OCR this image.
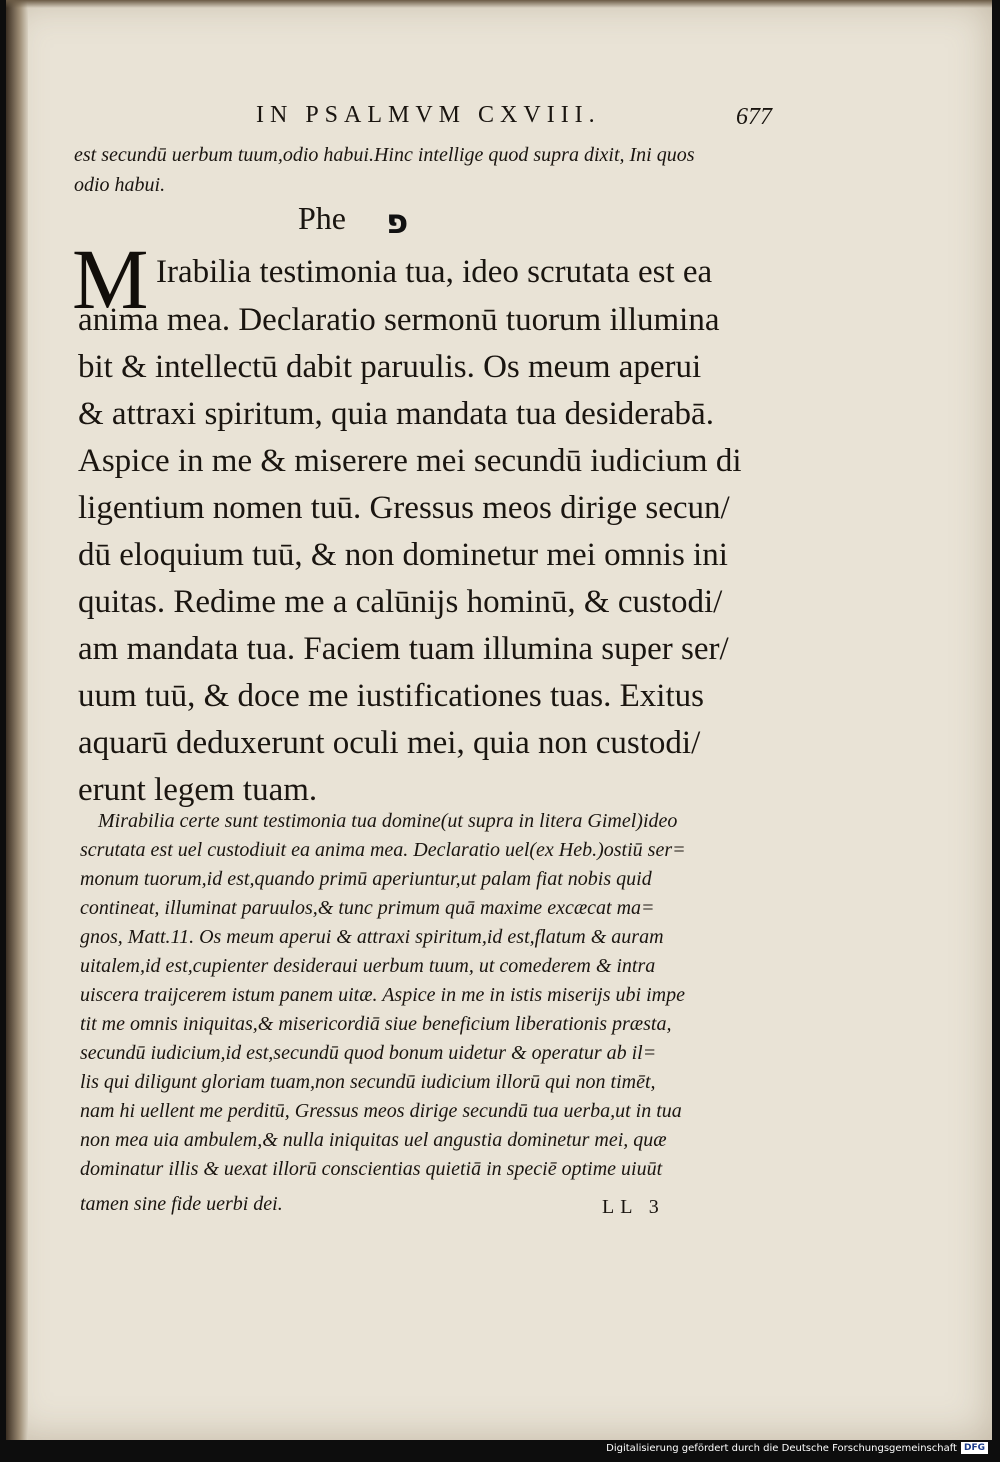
IN PSALMVM CXVIII.	677
est secundū uerbum tuum,odio habui.Hinc intellige quod supra dixit, Ini quos odio habui.
Phe פ
M Irabilia testimonia tua, ideo scrutata est ea
anima mea. Declaratio sermonū tuorum illumina
bit & intellectū dabit paruulis. Os meum aperui
& attraxi spiritum, quia mandata tua desiderabā.
Aspice in me & miserere mei secundū iudicium di
ligentium nomen tuū. Gressus meos dirige secun/
dū eloquium tuū, & non dominetur mei omnis ini
quitas. Redime me a calūnijs hominū, & custodi/
am mandata tua. Faciem tuam illumina super ser/
uum tuū, & doce me iustificationes tuas. Exitus
aquarū deduxerunt oculi mei, quia non custodi/
erunt legem tuam.
Mirabilia certe sunt testimonia tua domine(ut supra in litera Gimel)ideo
scrutata est uel custodiuit ea anima mea. Declaratio uel(ex Heb.)ostiū ser=
monum tuorum,id est,quando primū aperiuntur,ut palam fiat nobis quid
contineat, illuminat paruulos,& tunc primum quā maxime excæcat ma=
gnos, Matt.11. Os meum aperui & attraxi spiritum,id est,flatum & auram
uitalem,id est,cupienter desideraui uerbum tuum, ut comederem & intra
uiscera traijcerem istum panem uitæ. Aspice in me in istis miserijs ubi impe
tit me omnis iniquitas,& misericordiā siue beneficium liberationis præsta,
secundū iudicium,id est,secundū quod bonum uidetur & operatur ab il=
lis qui diligunt gloriam tuam,non secundū iudicium illorū qui non timēt,
nam hi uellent me perditū, Gressus meos dirige secundū tua uerba,ut in tua
non mea uia ambulem,& nulla iniquitas uel angustia dominetur mei, quæ
dominatur illis & uexat illorū conscientias quietiā in speciē optime uiuūt
tamen sine fide uerbi dei.	LL 3
Digitalisierung gefördert durch die Deutsche Forschungsgemeinschaft DFG
